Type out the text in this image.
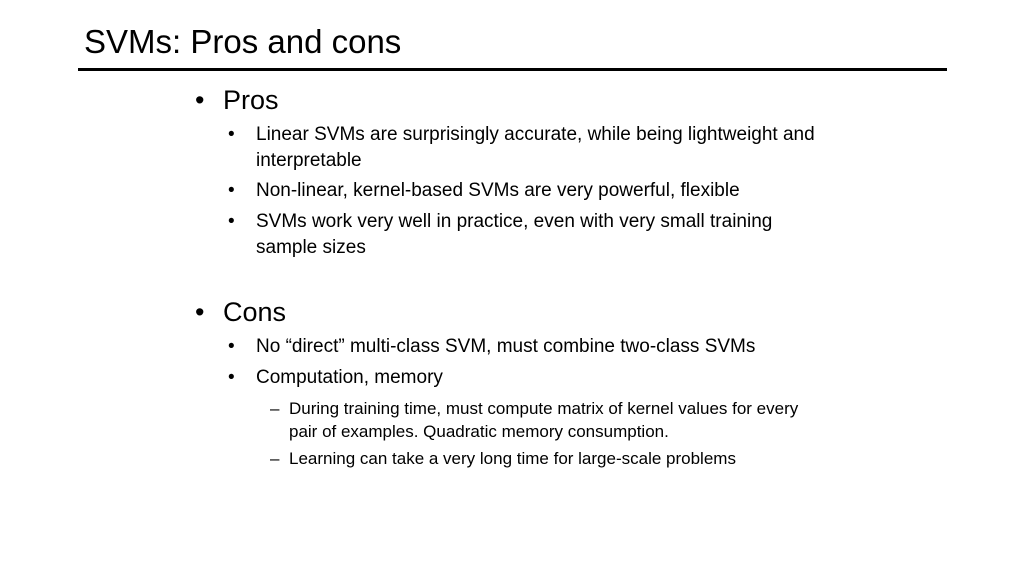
SVMs: Pros and cons
• Pros
• Linear SVMs are surprisingly accurate, while being lightweight and interpretable
• Non-linear, kernel-based SVMs are very powerful, flexible
• SVMs work very well in practice, even with very small training sample sizes
• Cons
• No “direct” multi-class SVM, must combine two-class SVMs
• Computation, memory
– During training time, must compute matrix of kernel values for every pair of examples. Quadratic memory consumption.
– Learning can take a very long time for large-scale problems
